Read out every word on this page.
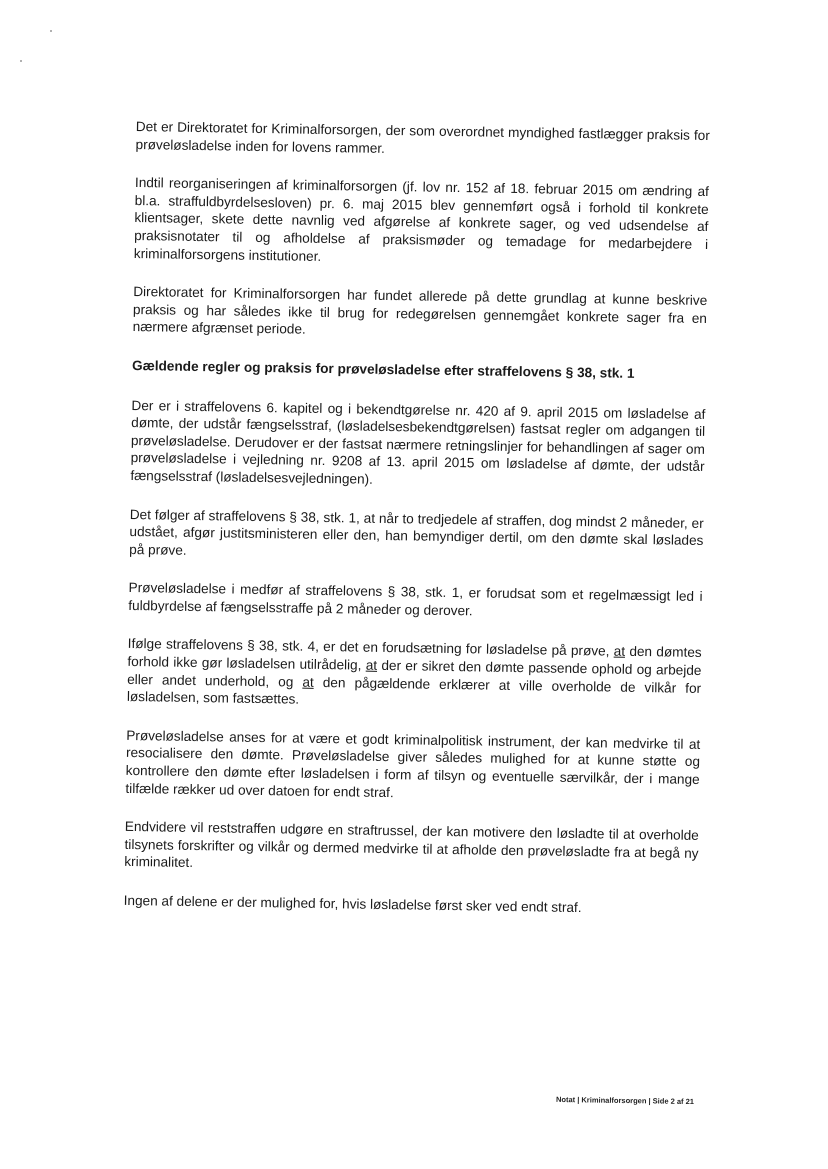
Det er Direktoratet for Kriminalforsorgen, der som overordnet myndighed fastlægger praksis for prøveløsladelse inden for lovens rammer.

Indtil reorganiseringen af kriminalforsorgen (jf. lov nr. 152 af 18. februar 2015 om ændring af bl.a. straffuldbyrdelsesloven) pr. 6. maj 2015 blev gennemført også i forhold til konkrete klientsager, skete dette navnlig ved afgørelse af konkrete sager, og ved udsendelse af praksisnotater til og afholdelse af praksismøder og temadage for medarbejdere i kriminalforsorgens institutioner.

Direktoratet for Kriminalforsorgen har fundet allerede på dette grundlag at kunne beskrive praksis og har således ikke til brug for redegørelsen gennemgået konkrete sager fra en nærmere afgrænset periode.

Gældende regler og praksis for prøveløsladelse efter straffelovens § 38, stk. 1

Der er i straffelovens 6. kapitel og i bekendtgørelse nr. 420 af 9. april 2015 om løsladelse af dømte, der udstår fængselsstraf, (løsladelsesbekendtgørelsen) fastsat regler om adgangen til prøveløsladelse. Derudover er der fastsat nærmere retningslinjer for behandlingen af sager om prøveløsladelse i vejledning nr. 9208 af 13. april 2015 om løsladelse af dømte, der udstår fængselsstraf (løsladelsesvejledningen).

Det følger af straffelovens § 38, stk. 1, at når to tredjedele af straffen, dog mindst 2 måneder, er udstået, afgør justitsministeren eller den, han bemyndiger dertil, om den dømte skal løslades på prøve.

Prøveløsladelse i medfør af straffelovens § 38, stk. 1, er forudsat som et regelmæssigt led i fuldbyrdelse af fængselsstraffe på 2 måneder og derover.

Ifølge straffelovens § 38, stk. 4, er det en forudsætning for løsladelse på prøve, at den dømtes forhold ikke gør løsladelsen utilrådelig, at der er sikret den dømte passende ophold og arbejde eller andet underhold, og at den pågældende erklærer at ville overholde de vilkår for løsladelsen, som fastsættes.

Prøveløsladelse anses for at være et godt kriminalpolitisk instrument, der kan medvirke til at resocialisere den dømte. Prøveløsladelse giver således mulighed for at kunne støtte og kontrollere den dømte efter løsladelsen i form af tilsyn og eventuelle særvilkår, der i mange tilfælde rækker ud over datoen for endt straf.

Endvidere vil reststraffen udgøre en straftrussel, der kan motivere den løsladte til at overholde tilsynets forskrifter og vilkår og dermed medvirke til at afholde den prøveløsladte fra at begå ny kriminalitet.

Ingen af delene er der mulighed for, hvis løsladelse først sker ved endt straf.

Notat | Kriminalforsorgen | Side 2 af 21
